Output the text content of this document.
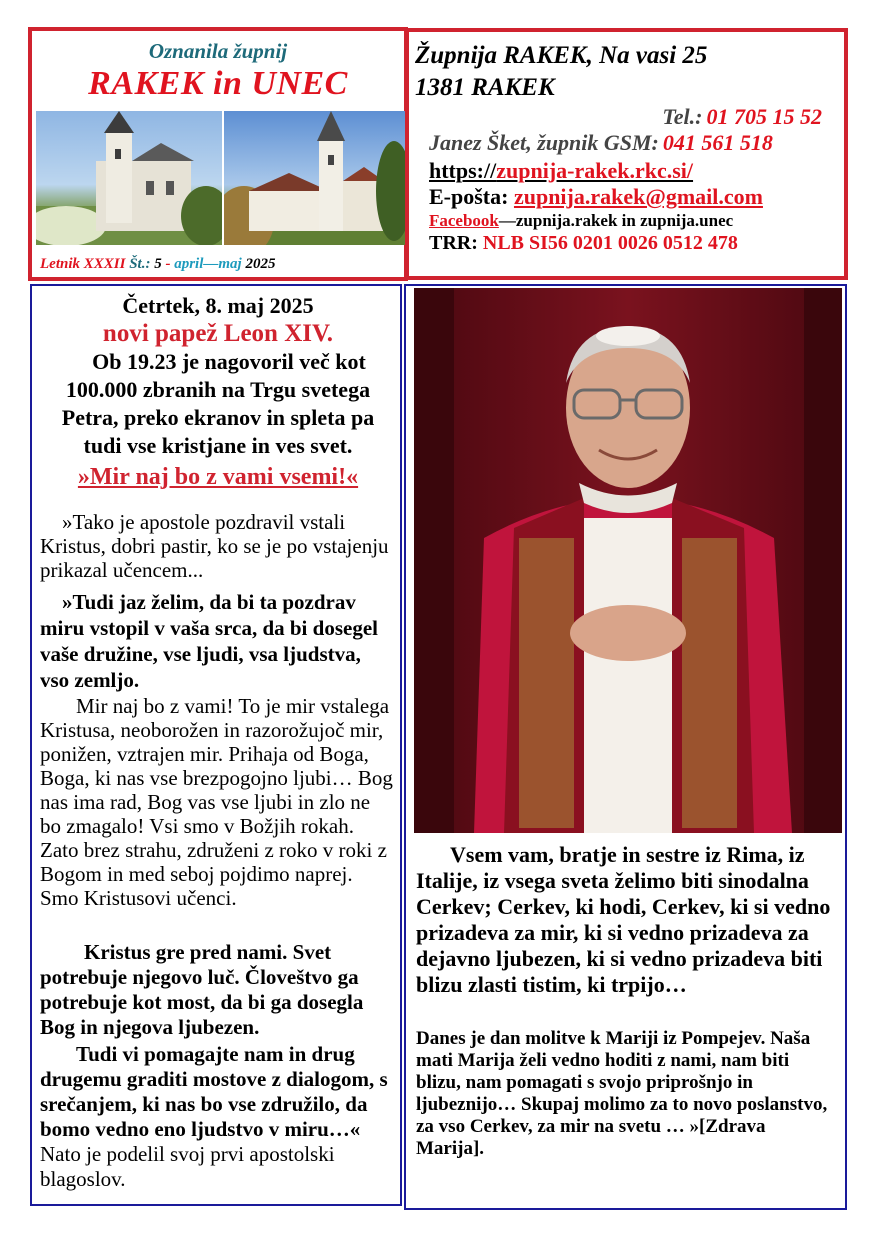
Oznanila župnij
RAKEK in UNEC
Letnik XXXII Št.: 5 - april—maj 2025
Župnija RAKEK, Na vasi 25
1381 RAKEK
Tel.: 01 705 15 52
Janez Šket, župnik GSM: 041 561 518
https://zupnija-rakek.rkc.si/
E-pošta: zupnija.rakek@gmail.com
Facebook—zupnija.rakek in zupnija.unec
TRR: NLB SI56 0201 0026 0512 478
Četrtek, 8. maj 2025
novi papež Leon XIV.
Ob 19.23 je nagovoril več kot 100.000 zbranih na Trgu svetega Petra, preko ekranov in spleta pa tudi vse kristjane in ves svet.
»Mir naj bo z vami vsemi!«
»Tako je apostole pozdravil vstali Kristus, dobri pastir, ko se je po vstajenju prikazal učencem...
»Tudi jaz želim, da bi ta pozdrav miru vstopil v vaša srca, da bi dosegel vaše družine, vse ljudi, vsa ljudstva, vso zemljo.
Mir naj bo z vami! To je mir vstalega Kristusa, neoborožen in razorožujoč mir, ponižen, vztrajen mir. Prihaja od Boga, Boga, ki nas vse brezpogojno ljubi… Bog nas ima rad, Bog vas vse ljubi in zlo ne bo zmagalo! Vsi smo v Božjih rokah. Zato brez strahu, združeni z roko v roki z Bogom in med seboj pojdimo naprej. Smo Kristusovi učenci.
Kristus gre pred nami. Svet potrebuje njegovo luč. Človeštvo ga potrebuje kot most, da bi ga dosegla Bog in njegova ljubezen.
Tudi vi pomagajte nam in drug drugemu graditi mostove z dialogom, s srečanjem, ki nas bo vse združilo, da bomo vedno eno ljudstvo v miru…« Nato je podelil svoj prvi apostolski blagoslov.
Vsem vam, bratje in sestre iz Rima, iz Italije, iz vsega sveta želimo biti sinodalna Cerkev; Cerkev, ki hodi, Cerkev, ki si vedno prizadeva za mir, ki si vedno prizadeva za dejavno ljubezen, ki si vedno prizadeva biti blizu zlasti tistim, ki trpijo…
Danes je dan molitve k Mariji iz Pompejev. Naša mati Marija želi vedno hoditi z nami, nam biti blizu, nam pomagati s svojo priprošnjo in ljubeznijo… Skupaj molimo za to novo poslanstvo, za vso Cerkev, za mir na svetu … »[Zdrava Marija].
